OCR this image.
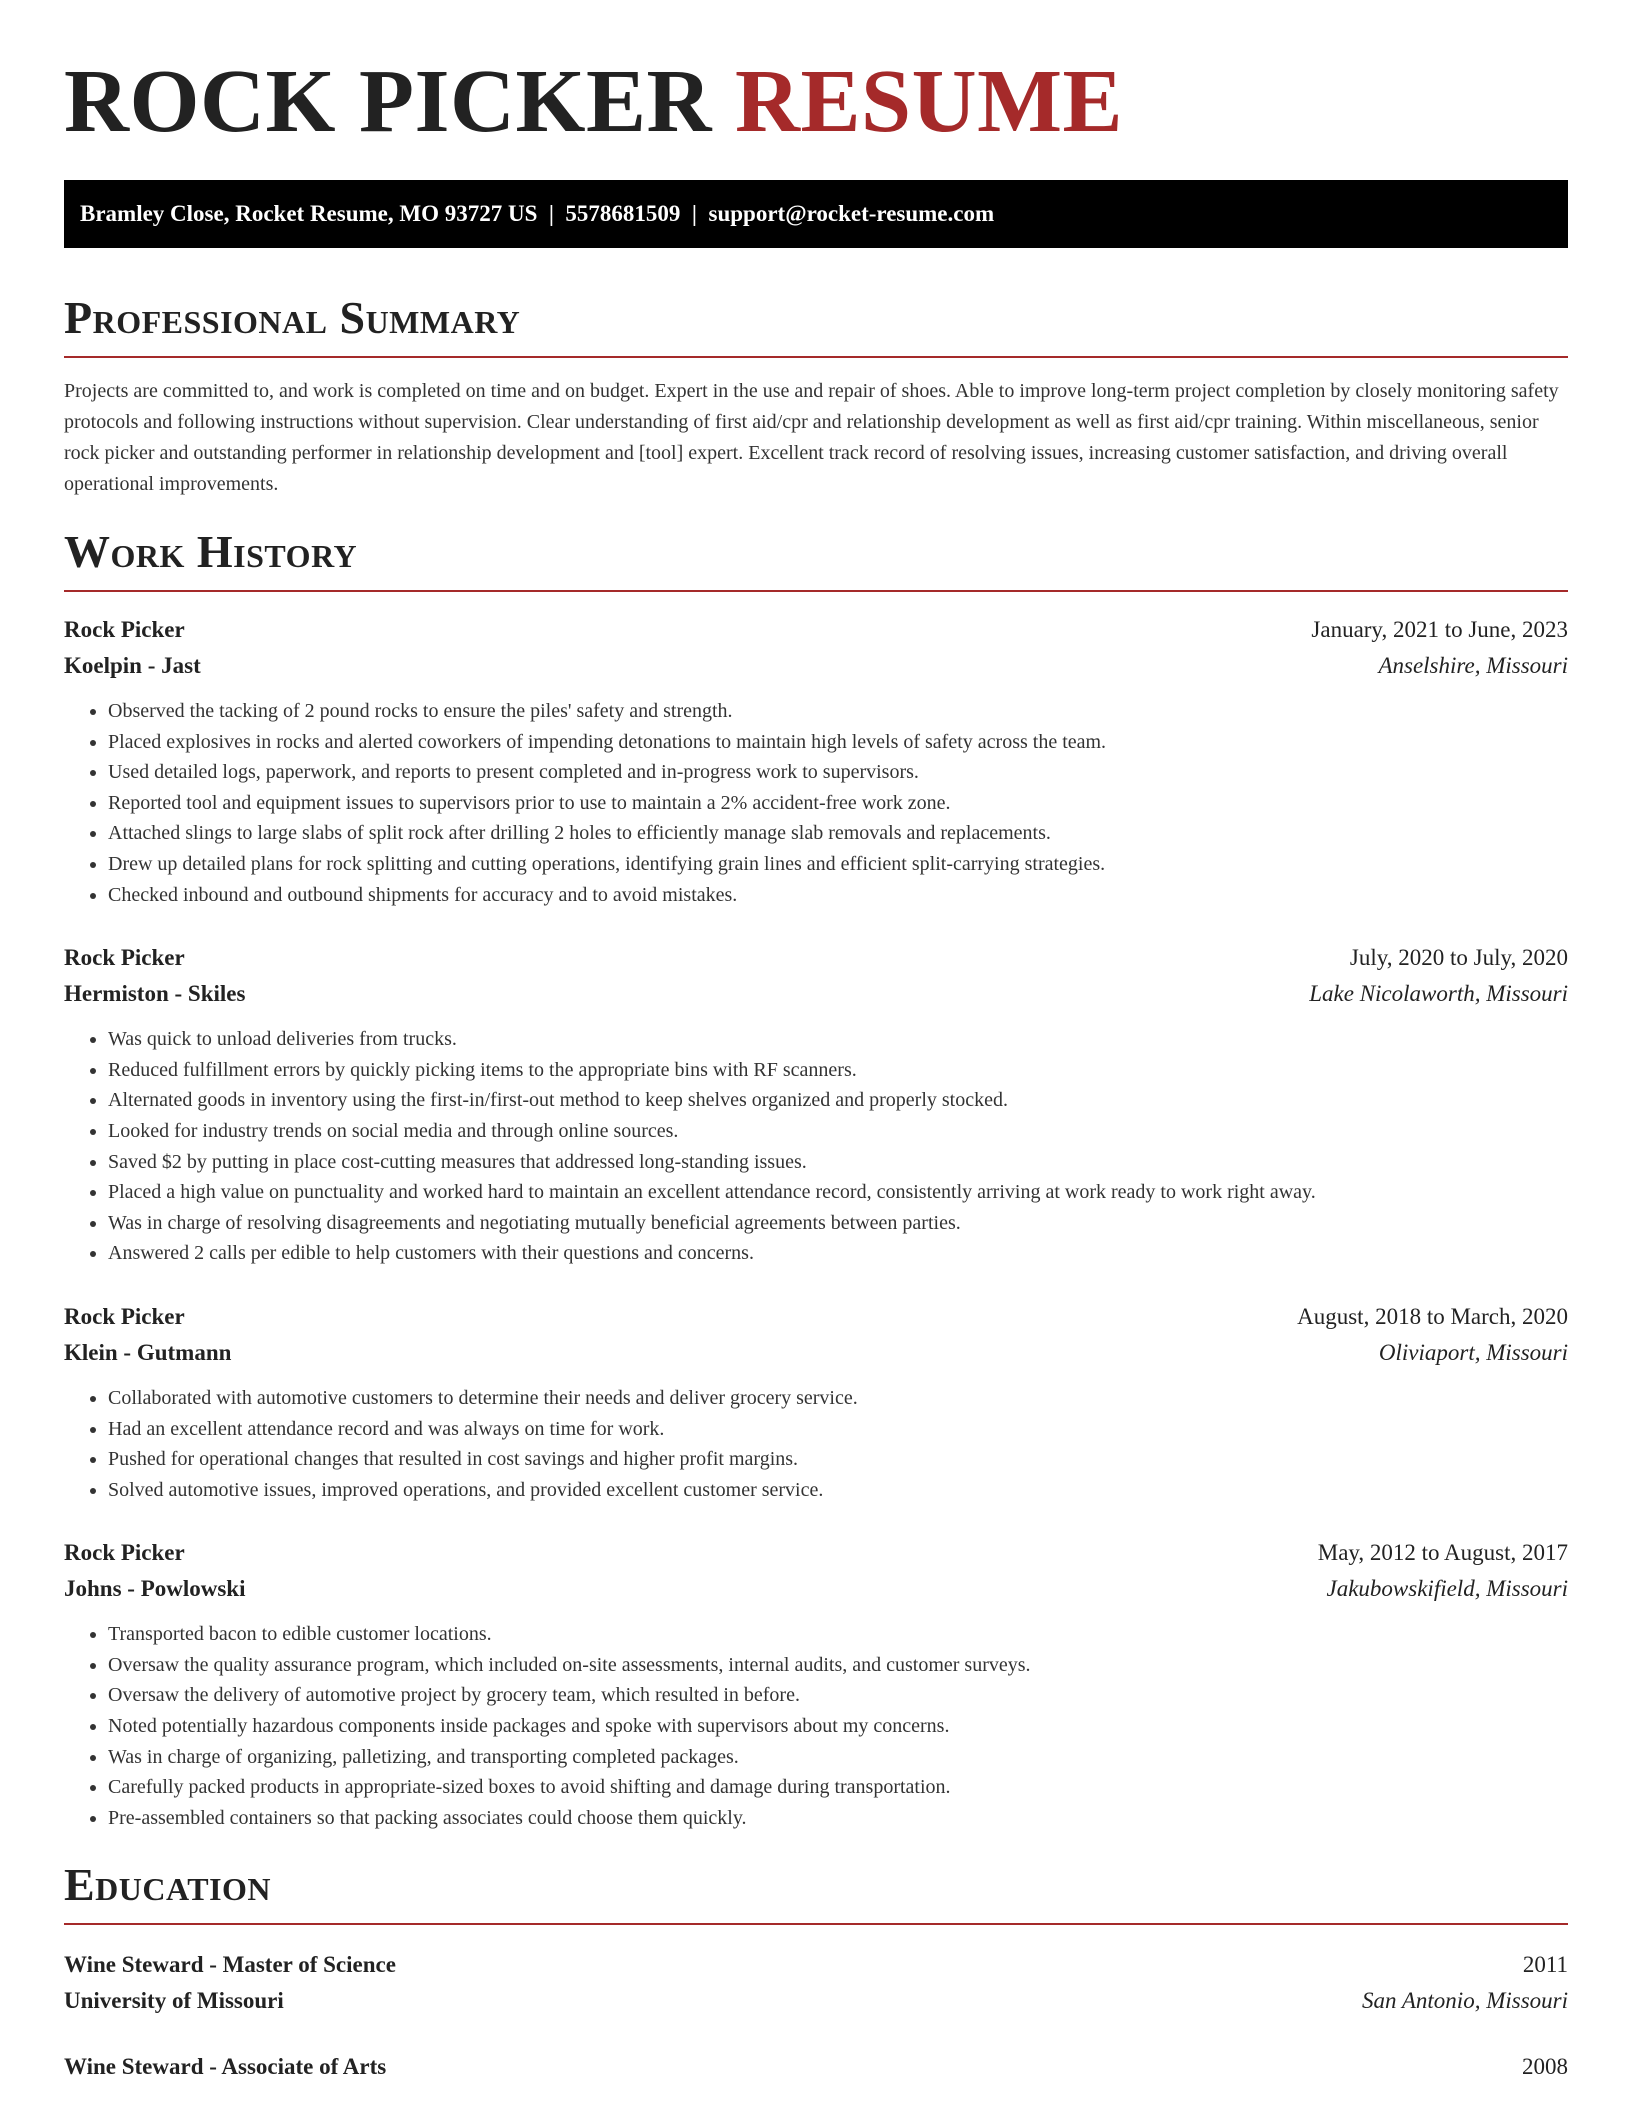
ROCK PICKER RESUME
Bramley Close, Rocket Resume, MO 93727 US  |  5578681509  |  support@rocket-resume.com
Professional Summary

Projects are committed to, and work is completed on time and on budget. Expert in the use and repair of shoes. Able to improve long-term project completion by closely monitoring safety protocols and following instructions without supervision. Clear understanding of first aid/cpr and relationship development as well as first aid/cpr training. Within miscellaneous, senior rock picker and outstanding performer in relationship development and [tool] expert. Excellent track record of resolving issues, increasing customer satisfaction, and driving overall operational improvements.

Work History
Rock Picker	January, 2021 to June, 2023
Koelpin - Jast	Anselshire, Missouri
• Observed the tacking of 2 pound rocks to ensure the piles' safety and strength.
• Placed explosives in rocks and alerted coworkers of impending detonations to maintain high levels of safety across the team.
• Used detailed logs, paperwork, and reports to present completed and in-progress work to supervisors.
• Reported tool and equipment issues to supervisors prior to use to maintain a 2% accident-free work zone.
• Attached slings to large slabs of split rock after drilling 2 holes to efficiently manage slab removals and replacements.
• Drew up detailed plans for rock splitting and cutting operations, identifying grain lines and efficient split-carrying strategies.
• Checked inbound and outbound shipments for accuracy and to avoid mistakes.
Rock Picker	July, 2020 to July, 2020
Hermiston - Skiles	Lake Nicolaworth, Missouri
• Was quick to unload deliveries from trucks.
• Reduced fulfillment errors by quickly picking items to the appropriate bins with RF scanners.
• Alternated goods in inventory using the first-in/first-out method to keep shelves organized and properly stocked.
• Looked for industry trends on social media and through online sources.
• Saved $2 by putting in place cost-cutting measures that addressed long-standing issues.
• Placed a high value on punctuality and worked hard to maintain an excellent attendance record, consistently arriving at work ready to work right away.
• Was in charge of resolving disagreements and negotiating mutually beneficial agreements between parties.
• Answered 2 calls per edible to help customers with their questions and concerns.
Rock Picker	August, 2018 to March, 2020
Klein - Gutmann	Oliviaport, Missouri
• Collaborated with automotive customers to determine their needs and deliver grocery service.
• Had an excellent attendance record and was always on time for work.
• Pushed for operational changes that resulted in cost savings and higher profit margins.
• Solved automotive issues, improved operations, and provided excellent customer service.
Rock Picker	May, 2012 to August, 2017
Johns - Powlowski	Jakubowskifield, Missouri
• Transported bacon to edible customer locations.
• Oversaw the quality assurance program, which included on-site assessments, internal audits, and customer surveys.
• Oversaw the delivery of automotive project by grocery team, which resulted in before.
• Noted potentially hazardous components inside packages and spoke with supervisors about my concerns.
• Was in charge of organizing, palletizing, and transporting completed packages.
• Carefully packed products in appropriate-sized boxes to avoid shifting and damage during transportation.
• Pre-assembled containers so that packing associates could choose them quickly.
Education
Wine Steward - Master of Science	2011
University of Missouri	San Antonio, Missouri
Wine Steward - Associate of Arts	2008
